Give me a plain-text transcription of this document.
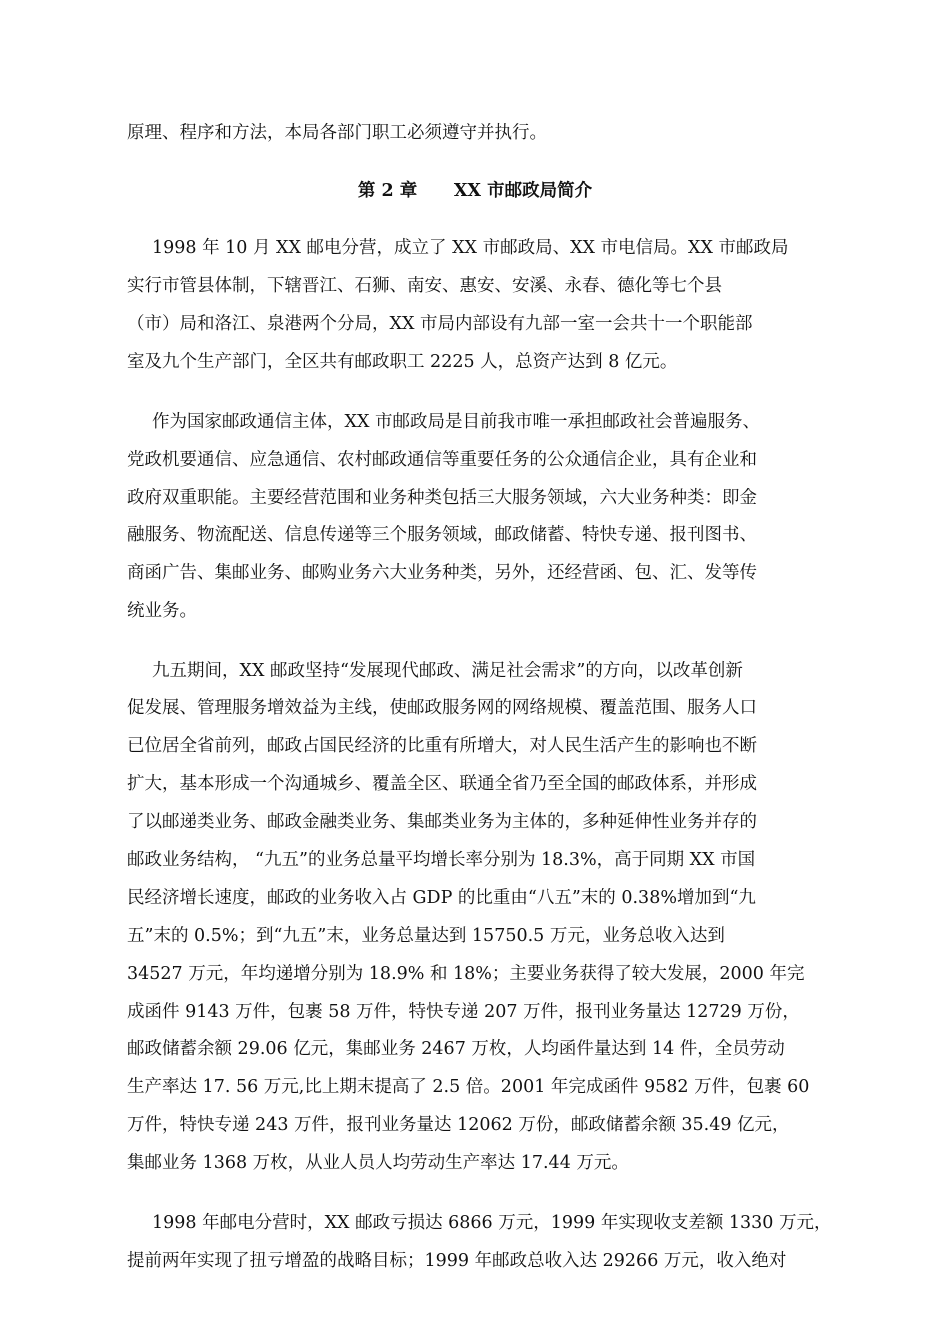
原理、程序和方法，本局各部门职工必须遵守并执行。
第 2 章      XX 市邮政局简介
1998 年 10 月 XX 邮电分营，成立了 XX 市邮政局、XX 市电信局。XX 市邮政局
实行市管县体制，下辖晋江、石狮、南安、惠安、安溪、永春、德化等七个县
（市）局和洛江、泉港两个分局，XX 市局内部设有九部一室一会共十一个职能部
室及九个生产部门，全区共有邮政职工 2225 人，总资产达到 8 亿元。
作为国家邮政通信主体，XX 市邮政局是目前我市唯一承担邮政社会普遍服务、
党政机要通信、应急通信、农村邮政通信等重要任务的公众通信企业，具有企业和
政府双重职能。主要经营范围和业务种类包括三大服务领域，六大业务种类：即金
融服务、物流配送、信息传递等三个服务领域，邮政储蓄、特快专递、报刊图书、
商函广告、集邮业务、邮购业务六大业务种类，另外，还经营函、包、汇、发等传
统业务。
九五期间，XX 邮政坚持“发展现代邮政、满足社会需求”的方向，以改革创新
促发展、管理服务增效益为主线，使邮政服务网的网络规模、覆盖范围、服务人口
已位居全省前列，邮政占国民经济的比重有所增大，对人民生活产生的影响也不断
扩大，基本形成一个沟通城乡、覆盖全区、联通全省乃至全国的邮政体系，并形成
了以邮递类业务、邮政金融类业务、集邮类业务为主体的，多种延伸性业务并存的
邮政业务结构， “九五”的业务总量平均增长率分别为 18.3%，高于同期 XX 市国
民经济增长速度，邮政的业务收入占 GDP 的比重由“八五”末的 0.38%增加到“九
五”末的 0.5%；到“九五”末，业务总量达到 15750.5 万元，业务总收入达到
34527 万元，年均递增分别为 18.9% 和 18%；主要业务获得了较大发展，2000 年完
成函件 9143 万件，包裹 58 万件，特快专递 207 万件，报刊业务量达 12729 万份，
邮政储蓄余额 29.06 亿元，集邮业务 2467 万枚，人均函件量达到 14 件，全员劳动
生产率达 17. 56 万元,比上期末提高了 2.5 倍。2001 年完成函件 9582 万件，包裹 60
万件，特快专递 243 万件，报刊业务量达 12062 万份，邮政储蓄余额 35.49 亿元，
集邮业务 1368 万枚，从业人员人均劳动生产率达 17.44 万元。
1998 年邮电分营时，XX 邮政亏损达 6866 万元，1999 年实现收支差额 1330 万元，
提前两年实现了扭亏增盈的战略目标；1999 年邮政总收入达 29266 万元，收入绝对
